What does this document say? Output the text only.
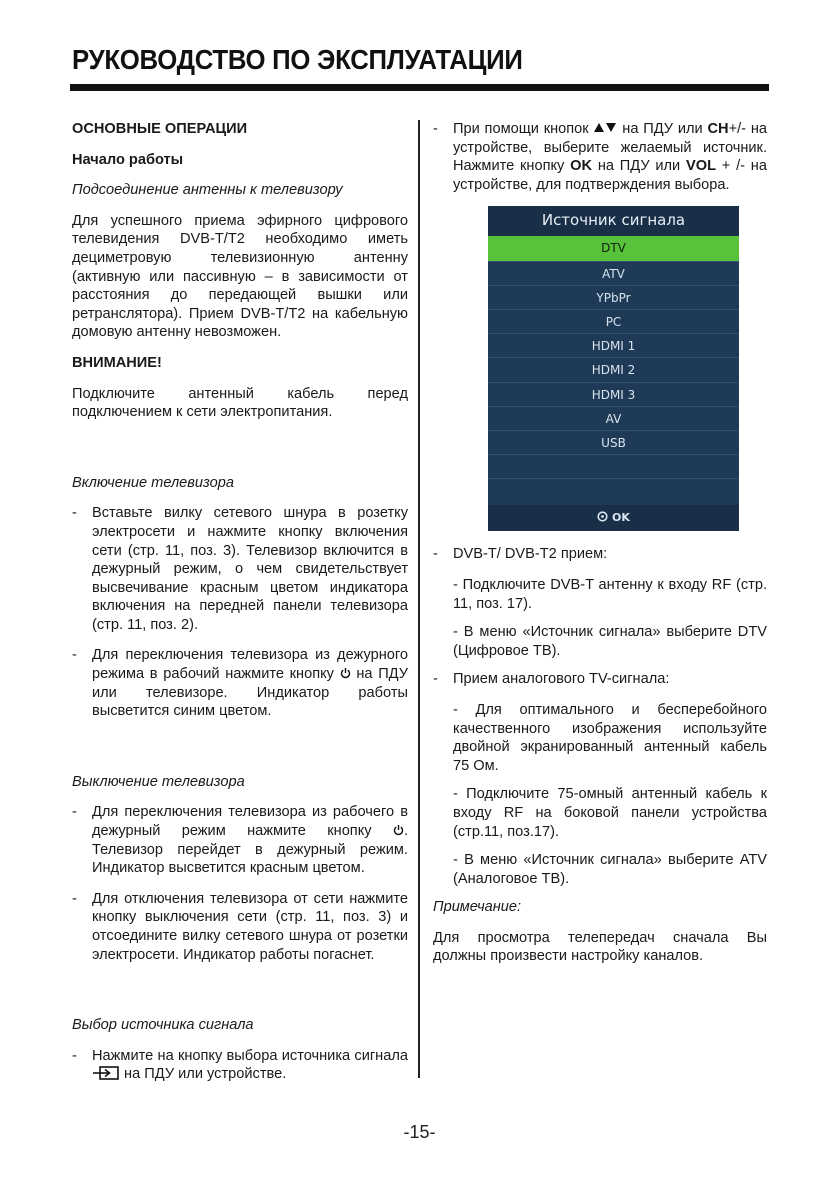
РУКОВОДСТВО ПО ЭКСПЛУАТАЦИИ
ОСНОВНЫЕ ОПЕРАЦИИ
Начало работы
Подсоединение антенны к телевизору
Для успешного приема эфирного цифрового телевидения DVB-T/T2 необходимо иметь дециметровую телевизионную антенну (активную или пассивную – в зависимости от расстояния до передающей вышки или ретранслятора). Прием DVB-T/T2 на кабельную домовую антенну невозможен.
ВНИМАНИЕ!
Подключите антенный кабель перед подключением к сети электропитания.
Включение телевизора
- Вставьте вилку сетевого шнура в розетку электросети и нажмите кнопку включения сети (стр. 11, поз. 3). Телевизор включится в дежурный режим, о чем свидетельствует высвечивание красным цветом индикатора включения на передней панели телевизора (стр. 11, поз. 2).
- Для переключения телевизора из дежурного режима в рабочий нажмите кнопку  на ПДУ или телевизоре. Индикатор работы высветится синим цветом.
Выключение телевизора
- Для переключения телевизора из рабочего в дежурный режим нажмите кнопку . Телевизор перейдет в дежурный режим. Индикатор высветится красным цветом.
- Для отключения телевизора от сети нажмите кнопку выключения сети (стр. 11, поз. 3) и отсоедините вилку сетевого шнура от розетки электросети. Индикатор работы погаснет.
Выбор источника сигнала
- Нажмите на кнопку выбора источника сигнала  на ПДУ или устройстве.
- При помощи кнопок  на ПДУ или CH+/- на устройстве, выберите желаемый источник. Нажмите кнопку OK на ПДУ или VOL + /- на устройстве, для подтверждения выбора.
Источник сигнала
DTV
ATV
YPbPr
PC
HDMI 1
HDMI 2
HDMI 3
AV
USB
OK
- DVB-T/ DVB-T2 прием:
- Подключите DVB-T антенну к входу RF (стр. 11, поз. 17).
- В меню «Источник сигнала» выберите DTV (Цифровое ТВ).
- Прием аналогового TV-сигнала:
- Для оптимального и бесперебойного качественного изображения используйте двойной экранированный антенный кабель 75 Ом.
- Подключите 75-омный антенный кабель к входу RF на боковой панели устройства (стр.11, поз.17).
- В меню «Источник сигнала» выберите ATV (Аналоговое ТВ).
Примечание:
Для просмотра телепередач сначала Вы должны произвести настройку каналов.
-15-
